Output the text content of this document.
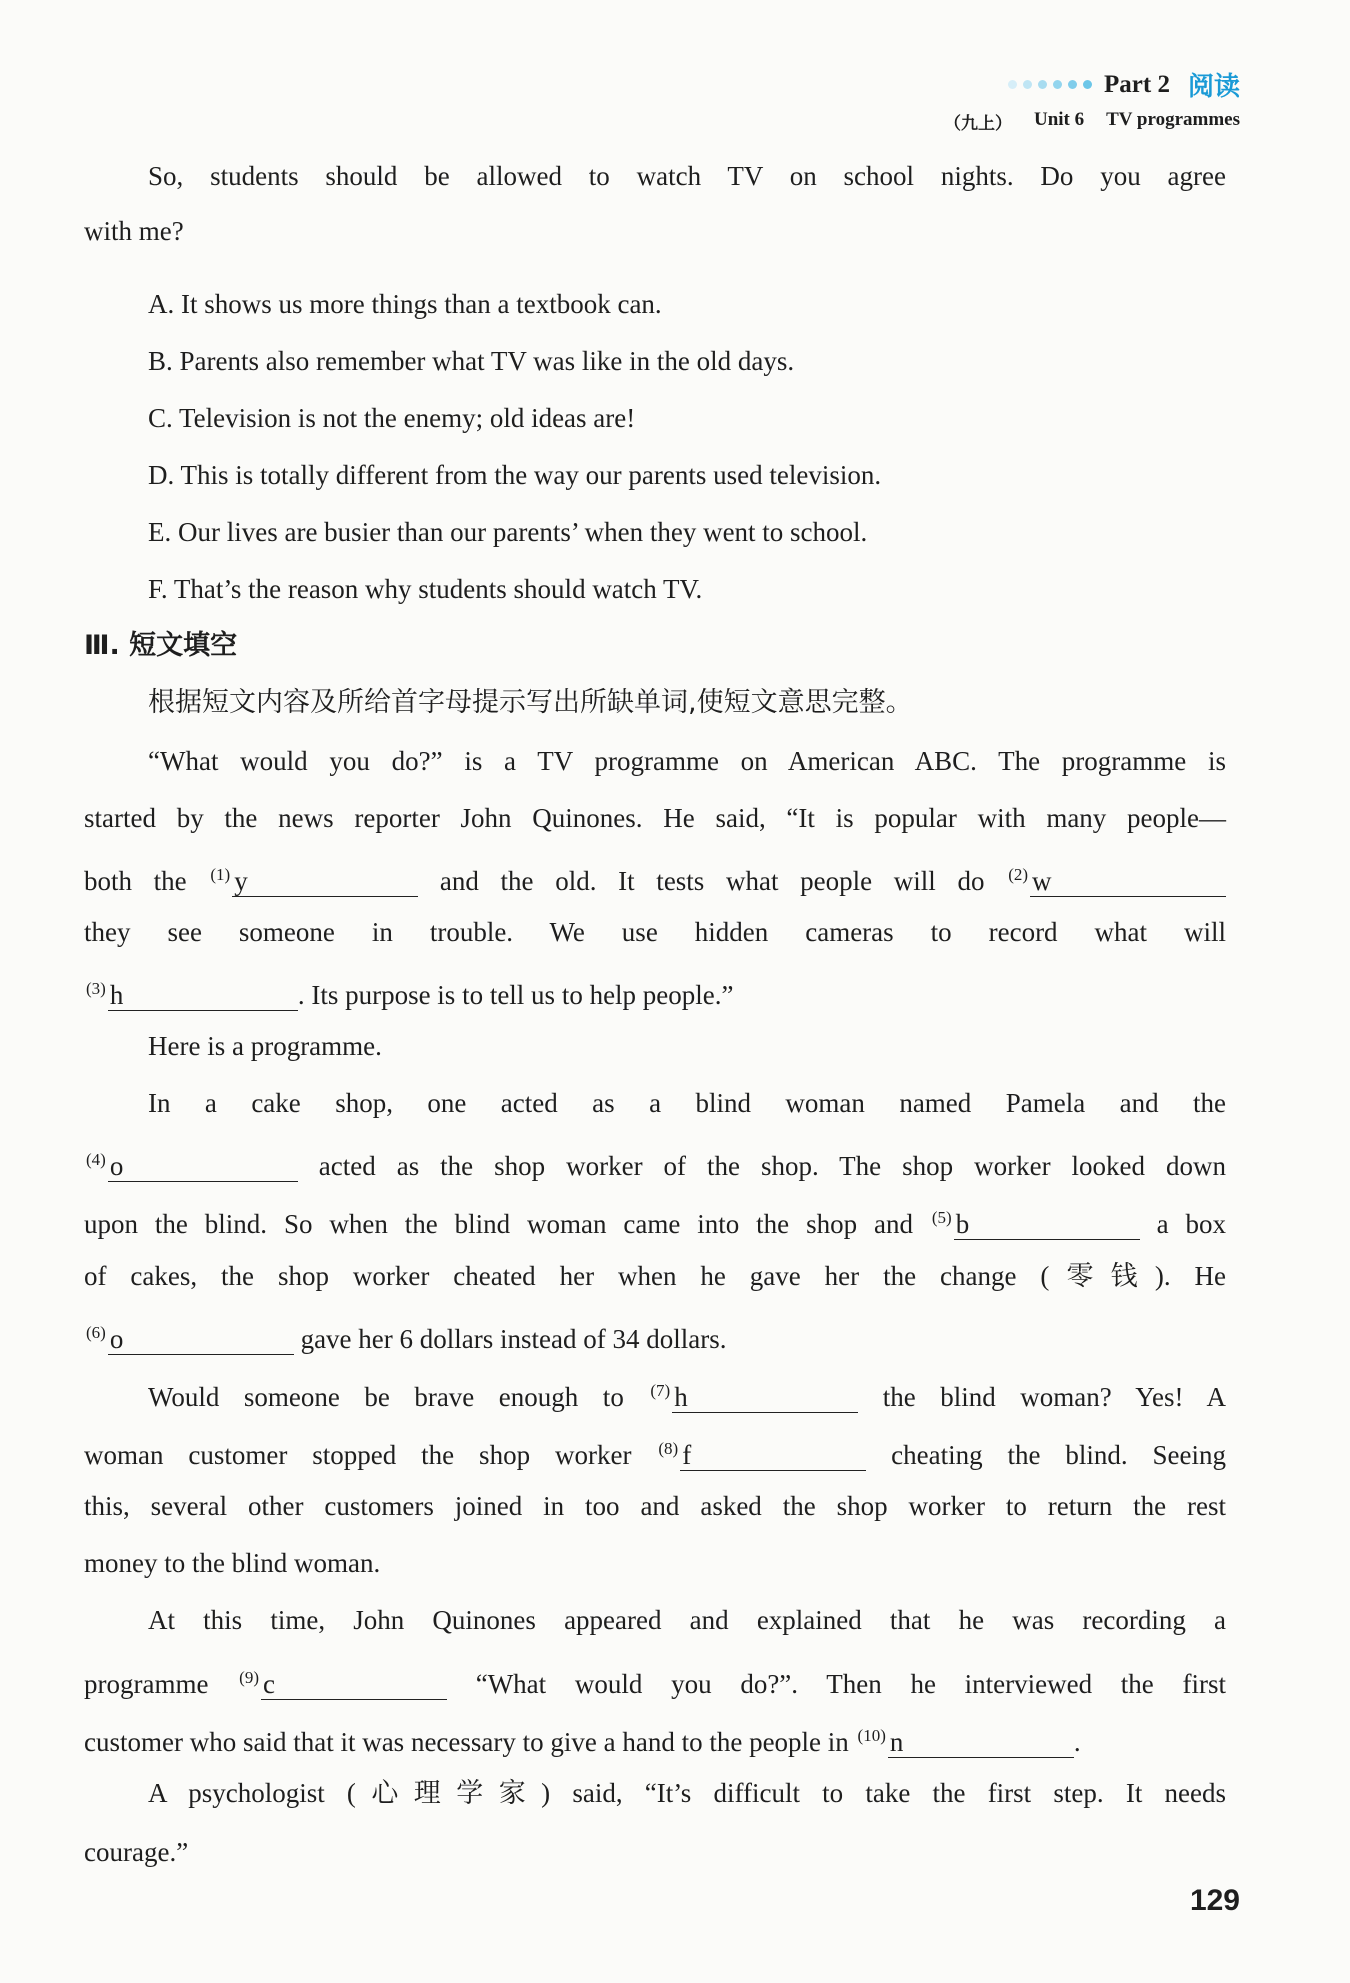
Part 2 阅读
（九上） Unit 6 TV programmes
So, students should be allowed to watch TV on school nights. Do you agree
with me?
A. It shows us more things than a textbook can.
B. Parents also remember what TV was like in the old days.
C. Television is not the enemy; old ideas are!
D. This is totally different from the way our parents used television.
E. Our lives are busier than our parents’ when they went to school.
F. That’s the reason why students should watch TV.
Ⅲ. 短文填空
根据短文内容及所给首字母提示写出所缺单词,使短文意思完整。
“What would you do?” is a TV programme on American ABC. The programme is
started by the news reporter John Quinones. He said, “It is popular with many people—
both the $^{(1)}$ y	and the old. It tests what people will do $^{(2)}$ w
they see someone in trouble. We use hidden cameras to record what will
$^{(3)}$ h	. Its purpose is to tell us to help people.”
Here is a programme.
In a cake shop, one acted as a blind woman named Pamela and the
$^{(4)}$ o	acted as the shop worker of the shop. The shop worker looked down
upon the blind. So when the blind woman came into the shop and $^{(5)}$ b	a box
of cakes, the shop worker cheated her when he gave her the change (零钱). He
$^{(6)}$ o	gave her 6 dollars instead of 34 dollars.
Would someone be brave enough to $^{(7)}$ h	the blind woman? Yes! A
woman customer stopped the shop worker $^{(8)}$ f	cheating the blind. Seeing
this, several other customers joined in too and asked the shop worker to return the rest
money to the blind woman.
At this time, John Quinones appeared and explained that he was recording a
programme $^{(9)}$ c	“What would you do?”. Then he interviewed the first
customer who said that it was necessary to give a hand to the people in $^{(10)}$ n	.
A psychologist (心理学家) said, “It’s difficult to take the first step. It needs
courage.”
129
